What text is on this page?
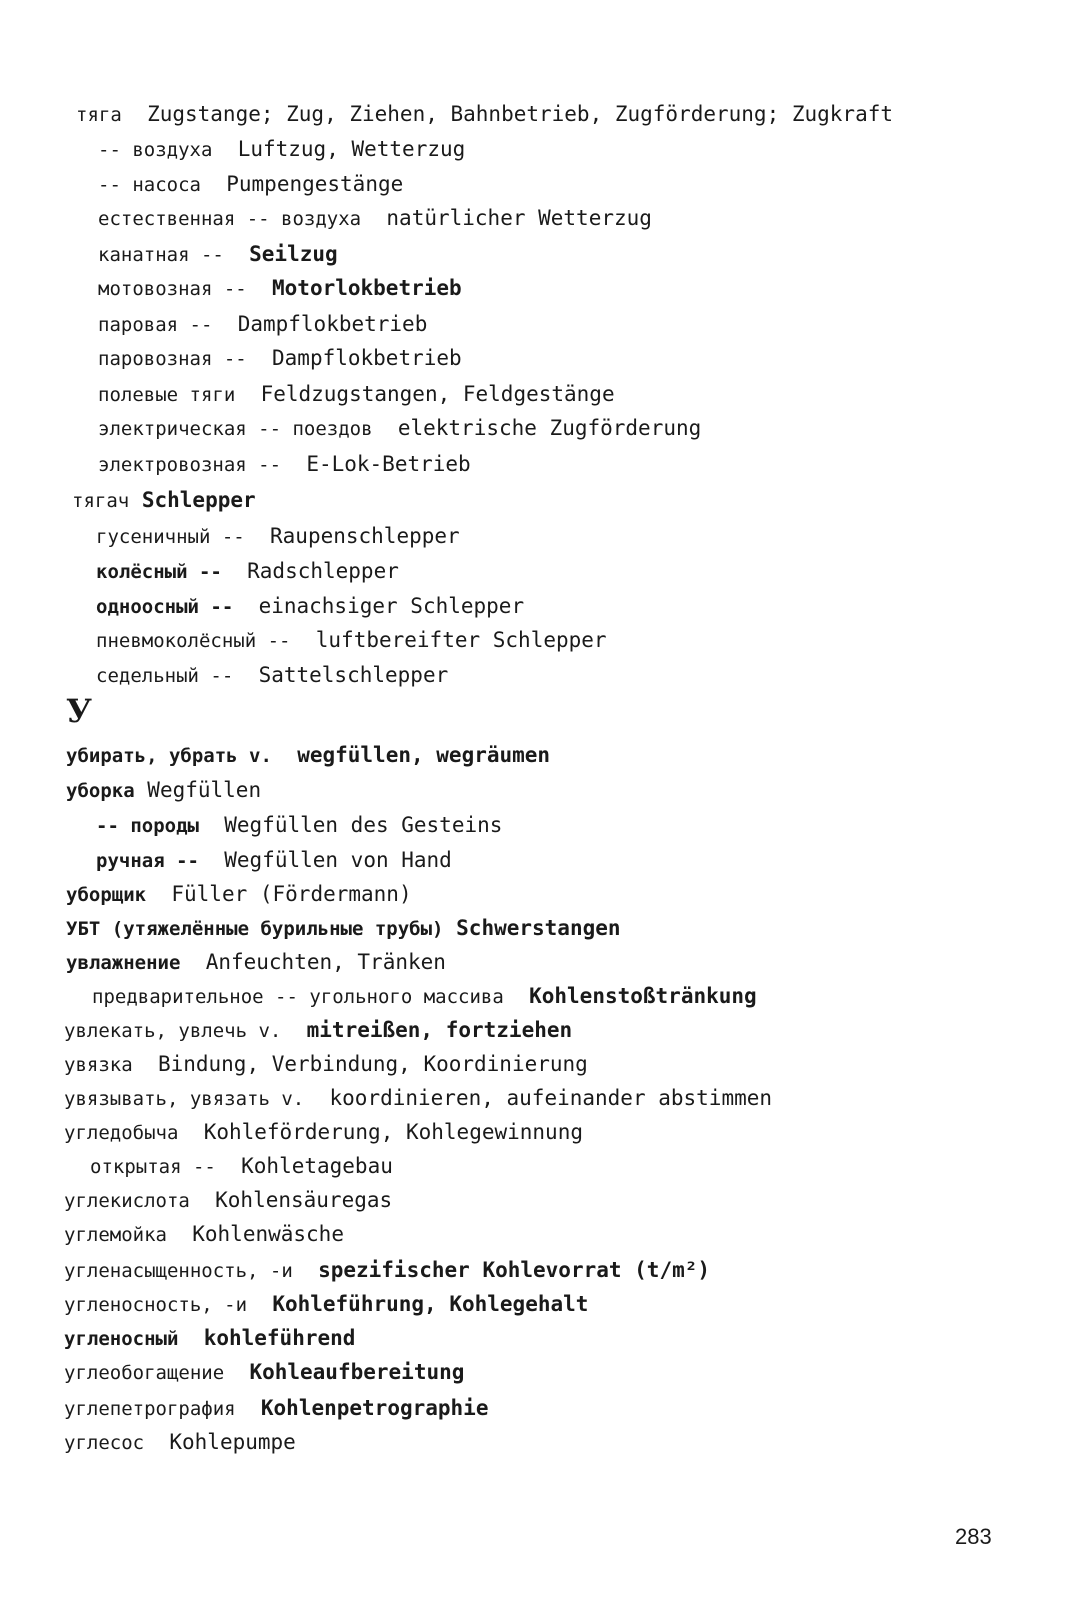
тяга Zugstange; Zug, Ziehen, Bahnbetrieb, Zugförderung; Zugkraft
-- воздуха Luftzug, Wetterzug
-- насоса Pumpengestänge
естественная -- воздуха natürlicher Wetterzug
канатная -- Seilzug
мотовозная -- Motorlokbetrieb
паровая -- Dampflokbetrieb
паровозная -- Dampflokbetrieb
полевые тяги Feldzugstangen, Feldgestänge
электрическая -- поездов elektrische Zugförderung
электровозная -- E-Lok-Betrieb
тягач Schlepper
гусеничный -- Raupenschlepper
колёсный -- Radschlepper
одноосный -- einachsiger Schlepper
пневмоколёсный -- luftbereifter Schlepper
седельный -- Sattelschlepper
У
убирать, убрать v. wegfüllen, wegräumen
уборка Wegfüllen
-- породы Wegfüllen des Gesteins
ручная -- Wegfüllen von Hand
уборщик Füller (Fördermann)
УБТ (утяжелённые бурильные трубы) Schwerstangen
увлажнение Anfeuchten, Tränken
предварительное -- угольного массива Kohlenstoßtränkung
увлекать, увлечь v. mitreißen, fortziehen
увязка Bindung, Verbindung, Koordinierung
увязывать, увязать v. koordinieren, aufeinander abstimmen
угледобыча Kohleförderung, Kohlegewinnung
открытая -- Kohletagebau
углекислота Kohlensäuregas
углемойка Kohlenwäsche
угленасыщенность, -и spezifischer Kohlevorrat (t/m²)
угленосность, -и Kohleführung, Kohlegehalt
угленосный kohleführend
углеобогащение Kohleaufbereitung
углепетрография Kohlenpetrographie
углесос Kohlepumpe
283
